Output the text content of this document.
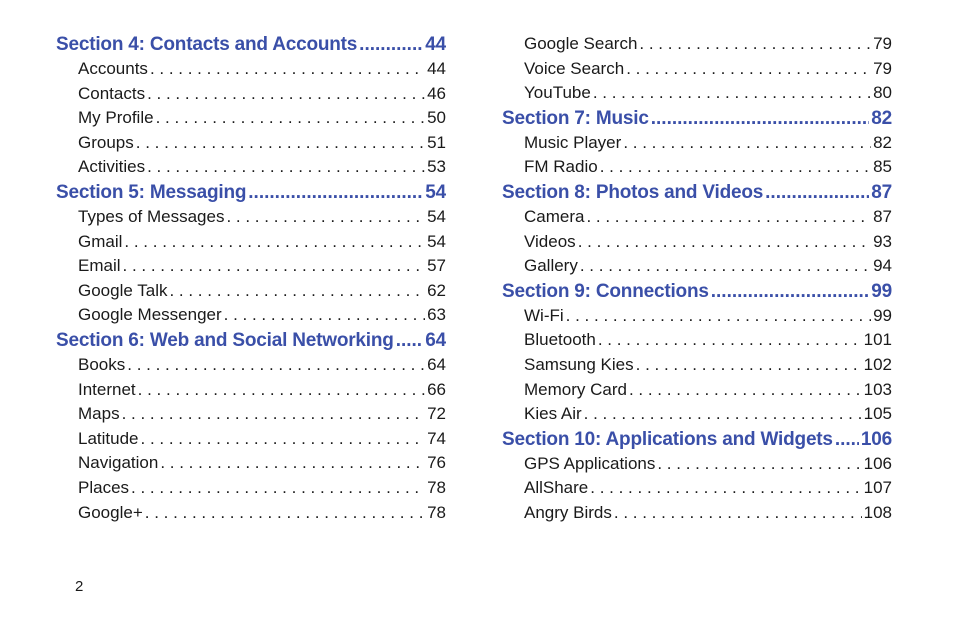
Section 4: Contacts and Accounts .....	44
Accounts . . .	44
Contacts . . .	46
My Profile . . .	50
Groups . . .	51
Activities . . .	53
Section 5: Messaging .....	54
Types of Messages . . .	54
Gmail . . .	54
Email . . .	57
Google Talk . . .	62
Google Messenger . . .	63
Section 6: Web and Social Networking ..... 64
Books . . .	64
Internet . . .	66
Maps . . .	72
Latitude . . .	74
Navigation . . .	76
Places . . .	78
Google+ . . .	78
Google Search . . .	79
Voice Search . . .	79
YouTube . . .	80
Section 7: Music .....	82
Music Player . . .	82
FM Radio . . .	85
Section 8: Photos and Videos .....	87
Camera . . .	87
Videos . . .	93
Gallery . . .	94
Section 9: Connections .....	99
Wi-Fi . . .	99
Bluetooth . . .	101
Samsung Kies . . .	102
Memory Card . . .	103
Kies Air . . .	105
Section 10: Applications and Widgets ..... 106
GPS Applications . . .	106
AllShare . . .	107
Angry Birds . . .	108
2
